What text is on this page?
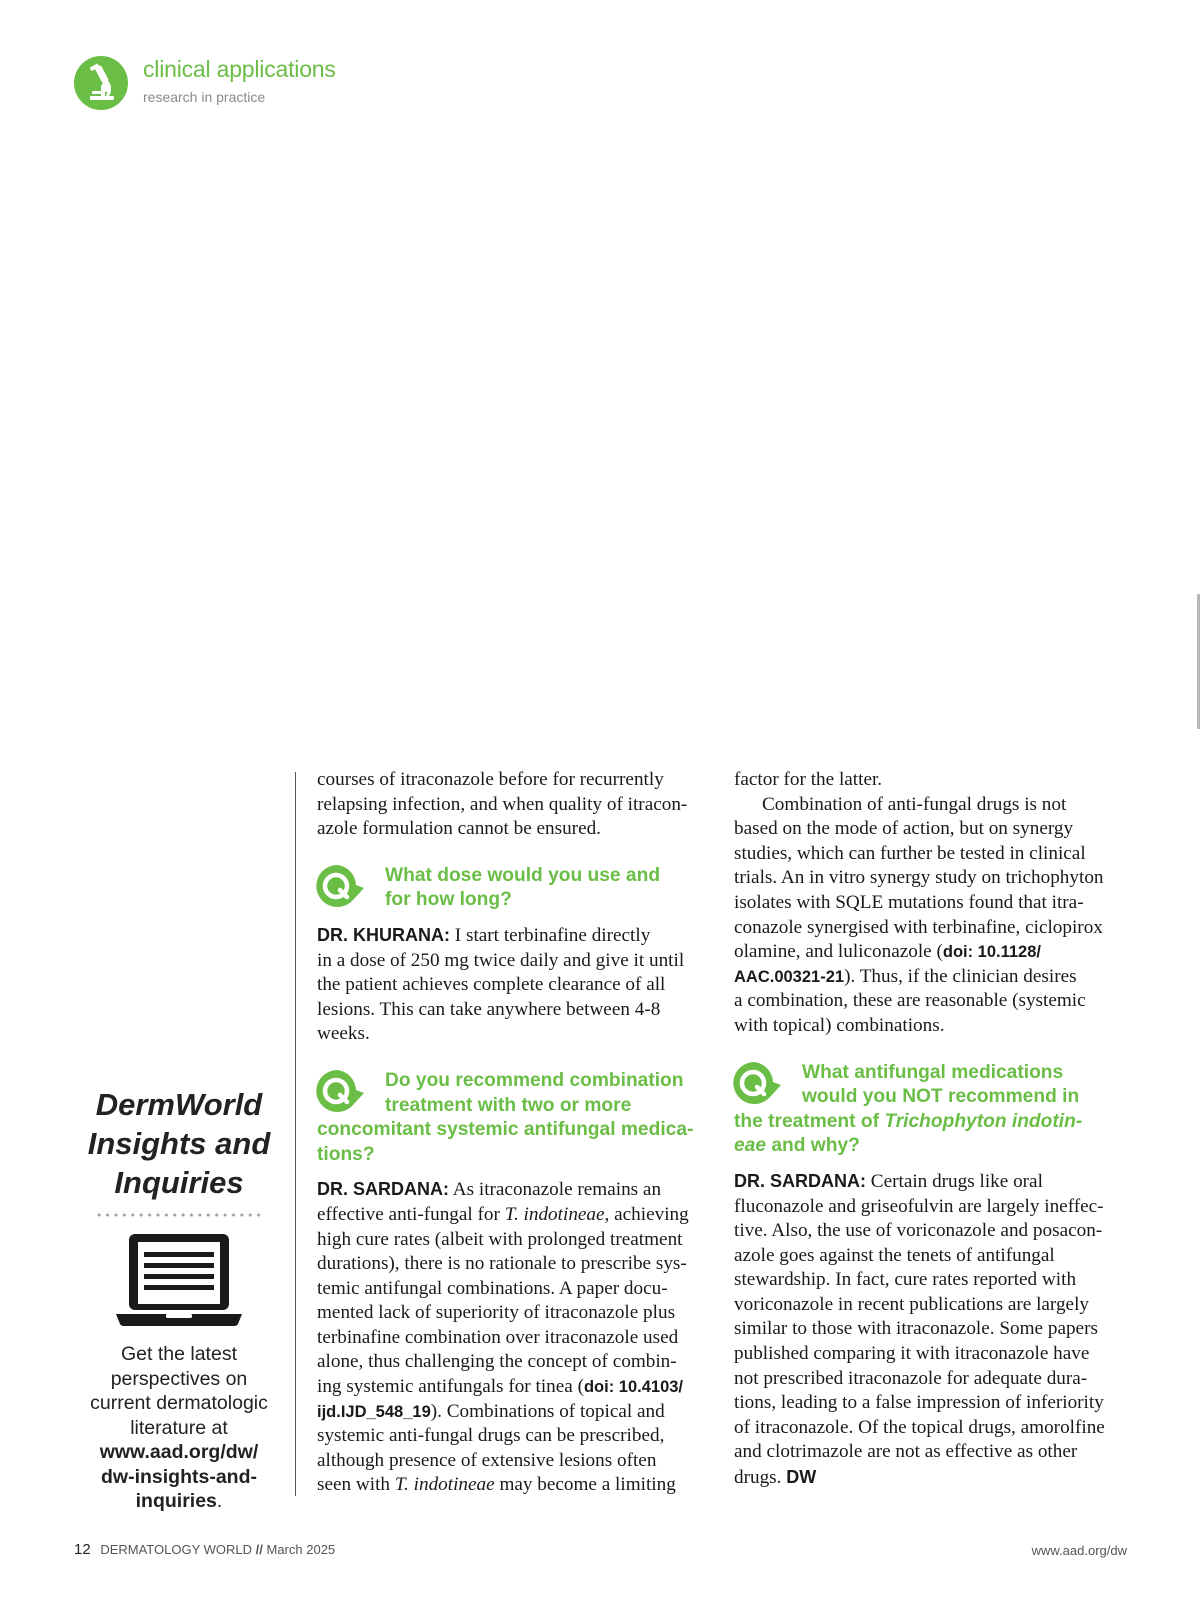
clinical applications
research in practice
DermWorld
Insights and
Inquiries
Get the latest
perspectives on
current dermatologic
literature at
www.aad.org/dw/
dw-insights-and-
inquiries.
courses of itraconazole before for recurrently
relapsing infection, and when quality of itracon-
azole formulation cannot be ensured.
What dose would you use and
for how long?
DR. KHURANA: I start terbinafine directly
in a dose of 250 mg twice daily and give it until
the patient achieves complete clearance of all
lesions. This can take anywhere between 4-8
weeks.
Do you recommend combination
treatment with two or more
concomitant systemic antifungal medica-
tions?
DR. SARDANA: As itraconazole remains an
effective anti-fungal for T. indotineae, achieving
high cure rates (albeit with prolonged treatment
durations), there is no rationale to prescribe sys-
temic antifungal combinations. A paper docu-
mented lack of superiority of itraconazole plus
terbinafine combination over itraconazole used
alone, thus challenging the concept of combin-
ing systemic antifungals for tinea (doi: 10.4103/
ijd.IJD_548_19). Combinations of topical and
systemic anti-fungal drugs can be prescribed,
although presence of extensive lesions often
seen with T. indotineae may become a limiting
factor for the latter.
Combination of anti-fungal drugs is not
based on the mode of action, but on synergy
studies, which can further be tested in clinical
trials. An in vitro synergy study on trichophyton
isolates with SQLE mutations found that itra-
conazole synergised with terbinafine, ciclopirox
olamine, and luliconazole (doi: 10.1128/
AAC.00321-21). Thus, if the clinician desires
a combination, these are reasonable (systemic
with topical) combinations.
What antifungal medications
would you NOT recommend in
the treatment of Trichophyton indotin-
eae and why?
DR. SARDANA: Certain drugs like oral
fluconazole and griseofulvin are largely ineffec-
tive. Also, the use of voriconazole and posacon-
azole goes against the tenets of antifungal
stewardship. In fact, cure rates reported with
voriconazole in recent publications are largely
similar to those with itraconazole. Some papers
published comparing it with itraconazole have
not prescribed itraconazole for adequate dura-
tions, leading to a false impression of inferiority
of itraconazole. Of the topical drugs, amorolfine
and clotrimazole are not as effective as other
drugs. DW
12 DERMATOLOGY WORLD // March 2025	www.aad.org/dw
